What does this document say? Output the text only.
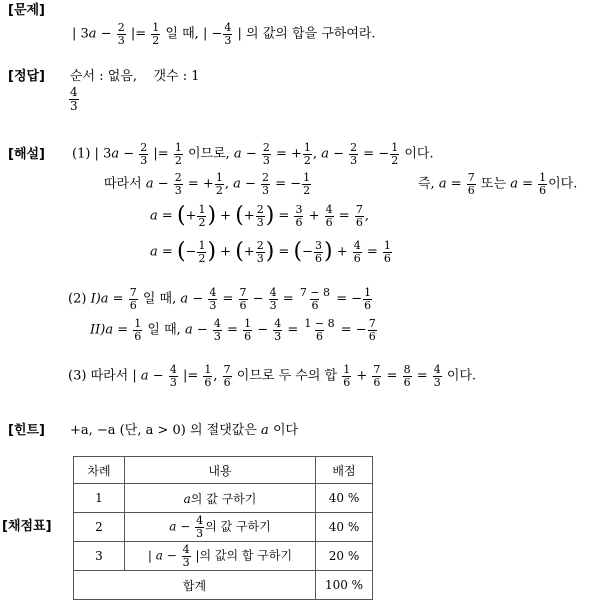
[문제]
| $3a - \frac{2}{3}$ |= $\frac{1}{2}$ 일 때, | − $\frac{4}{3}$ | 의 값의 합을 구하여라.
[정답] 순서 : 없음, 갯수 : 1
$\frac{4}{3}$
[해설] (1) | $3a - \frac{2}{3}$ |= $\frac{1}{2}$ 이므로, $a - \frac{2}{3}$ = + $\frac{1}{2}$ , $a - \frac{2}{3}$ = − $\frac{1}{2}$ 이다.
따라서 $a - \frac{2}{3}$ = + $\frac{1}{2}$ , $a - \frac{2}{3}$ = − $\frac{1}{2}$	즉, $a = \frac{7}{6}$ 또는 $a = \frac{1}{6}$ 이다.
a = (+ $\frac{1}{2}$ ) + (+ $\frac{2}{3}$ ) = $\frac{3}{6} + \frac{4}{6} = \frac{7}{6}$ ,
a = (− $\frac{1}{2}$ ) + (+ $\frac{2}{3}$ ) = (− $\frac{3}{6}$ ) + $\frac{4}{6} = \frac{1}{6}$
(2) $I)a = \frac{7}{6}$ 일 때, $a - \frac{4}{3} = \frac{7}{6} - \frac{4}{3} = \frac{7 - 8}{6}$ = − $\frac{1}{6}$
$II)a = \frac{1}{6}$ 일 때, $a - \frac{4}{3} = \frac{1}{6} - \frac{4}{3} = \frac{1 - 8}{6}$ = − $\frac{7}{6}$
(3) 따라서 | $a - \frac{4}{3}$ |= $\frac{1}{6}$ , $\frac{7}{6}$ 이므로 두 수의 합 $\frac{1}{6} + \frac{7}{6} = \frac{8}{6} = \frac{4}{3}$ 이다.
[힌트] +a, −a (단, a > 0) 의 절댓값은 a 이다
[채점표]
차례	내용	배점
1	a의 값 구하기	40 %
2	$a - \frac{4}{3}$ 의 값 구하기	40 %
3	| $a - \frac{4}{3}$ |의 값의 합 구하기	20 %
합계		100 %
